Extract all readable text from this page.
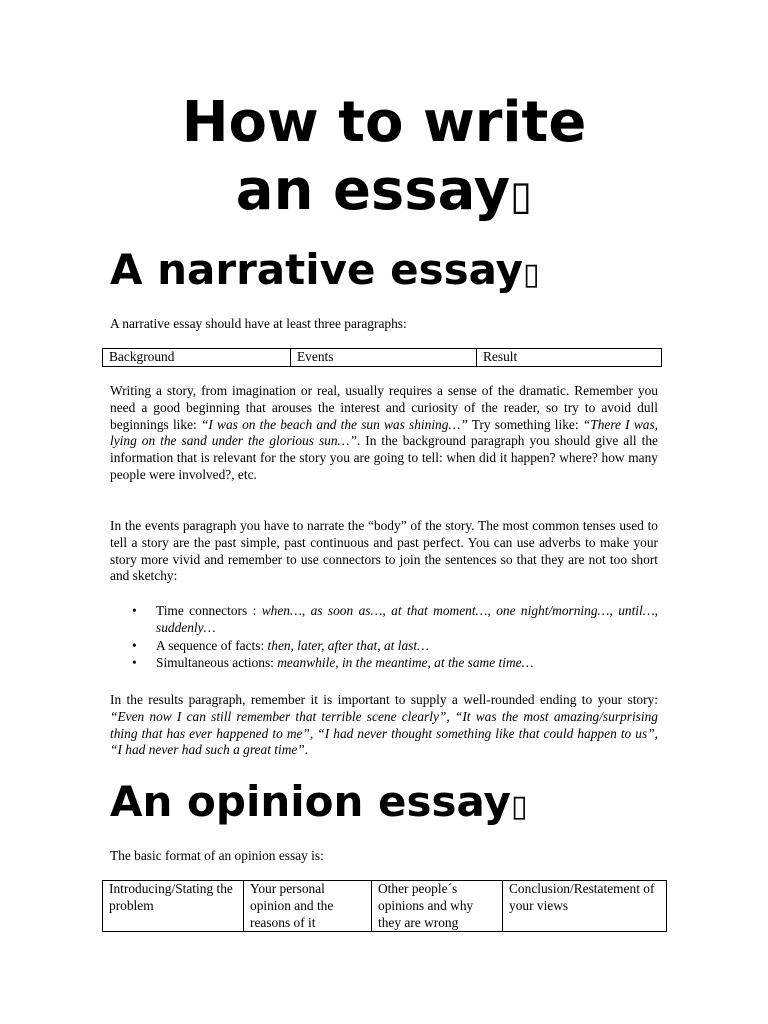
How to write
an essay▯
A narrative essay▯

A narrative essay should have at least three paragraphs:

Background	Events	Result

Writing a story, from imagination or real, usually requires a sense of the dramatic. Remember you need a good beginning that arouses the interest and curiosity of the reader, so try to avoid dull beginnings like: “I was on the beach and the sun was shining…” Try something like: “There I was, lying on the sand under the glorious sun…”. In the background paragraph you should give all the information that is relevant for the story you are going to tell: when did it happen? where? how many people were involved?, etc.

In the events paragraph you have to narrate the “body” of the story. The most common tenses used to tell a story are the past simple, past continuous and past perfect. You can use adverbs to make your story more vivid and remember to use connectors to join the sentences so that they are not too short and sketchy:

• Time connectors : when…, as soon as…, at that moment…, one night/morning…, until…, suddenly…
• A sequence of facts: then, later, after that, at last…
• Simultaneous actions: meanwhile, in the meantime, at the same time…

In the results paragraph, remember it is important to supply a well-rounded ending to your story: “Even now I can still remember that terrible scene clearly”, “It was the most amazing/surprising thing that has ever happened to me”, “I had never thought something like that could happen to us”, “I had never had such a great time”.

An opinion essay▯

The basic format of an opinion essay is:

Introducing/Stating the problem	Your personal opinion and the reasons of it	Other people´s opinions and why they are wrong	Conclusion/Restatement of your views
